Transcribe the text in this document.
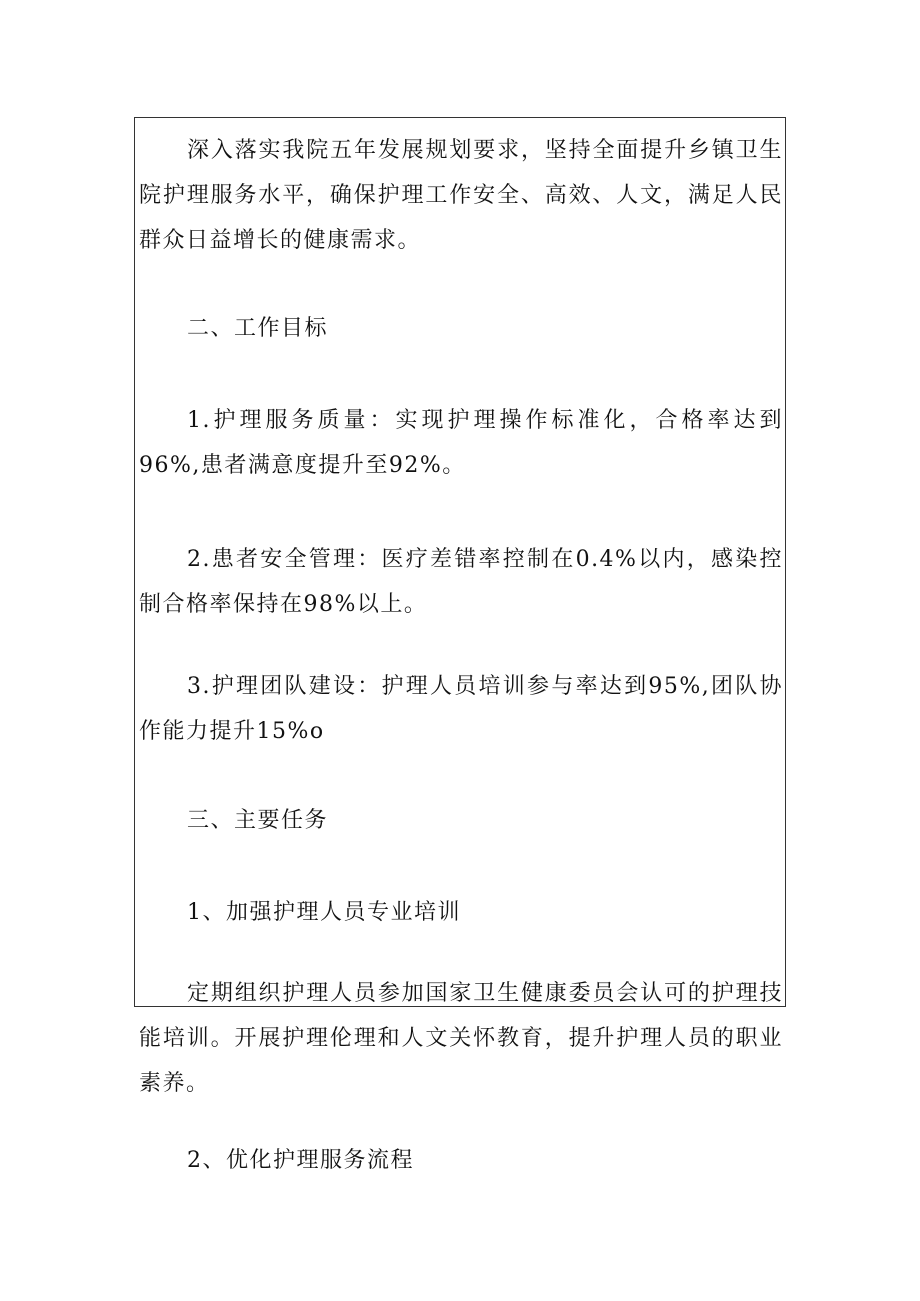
深入落实我院五年发展规划要求，坚持全面提升乡镇卫生院护理服务水平，确保护理工作安全、高效、人文，满足人民群众日益增长的健康需求。

二、工作目标

1.护理服务质量：实现护理操作标准化，合格率达到96%,患者满意度提升至92%。

2.患者安全管理：医疗差错率控制在0.4%以内，感染控制合格率保持在98%以上。

3.护理团队建设：护理人员培训参与率达到95%,团队协作能力提升15%o

三、主要任务

1、加强护理人员专业培训

定期组织护理人员参加国家卫生健康委员会认可的护理技能培训。开展护理伦理和人文关怀教育，提升护理人员的职业素养。

2、优化护理服务流程
